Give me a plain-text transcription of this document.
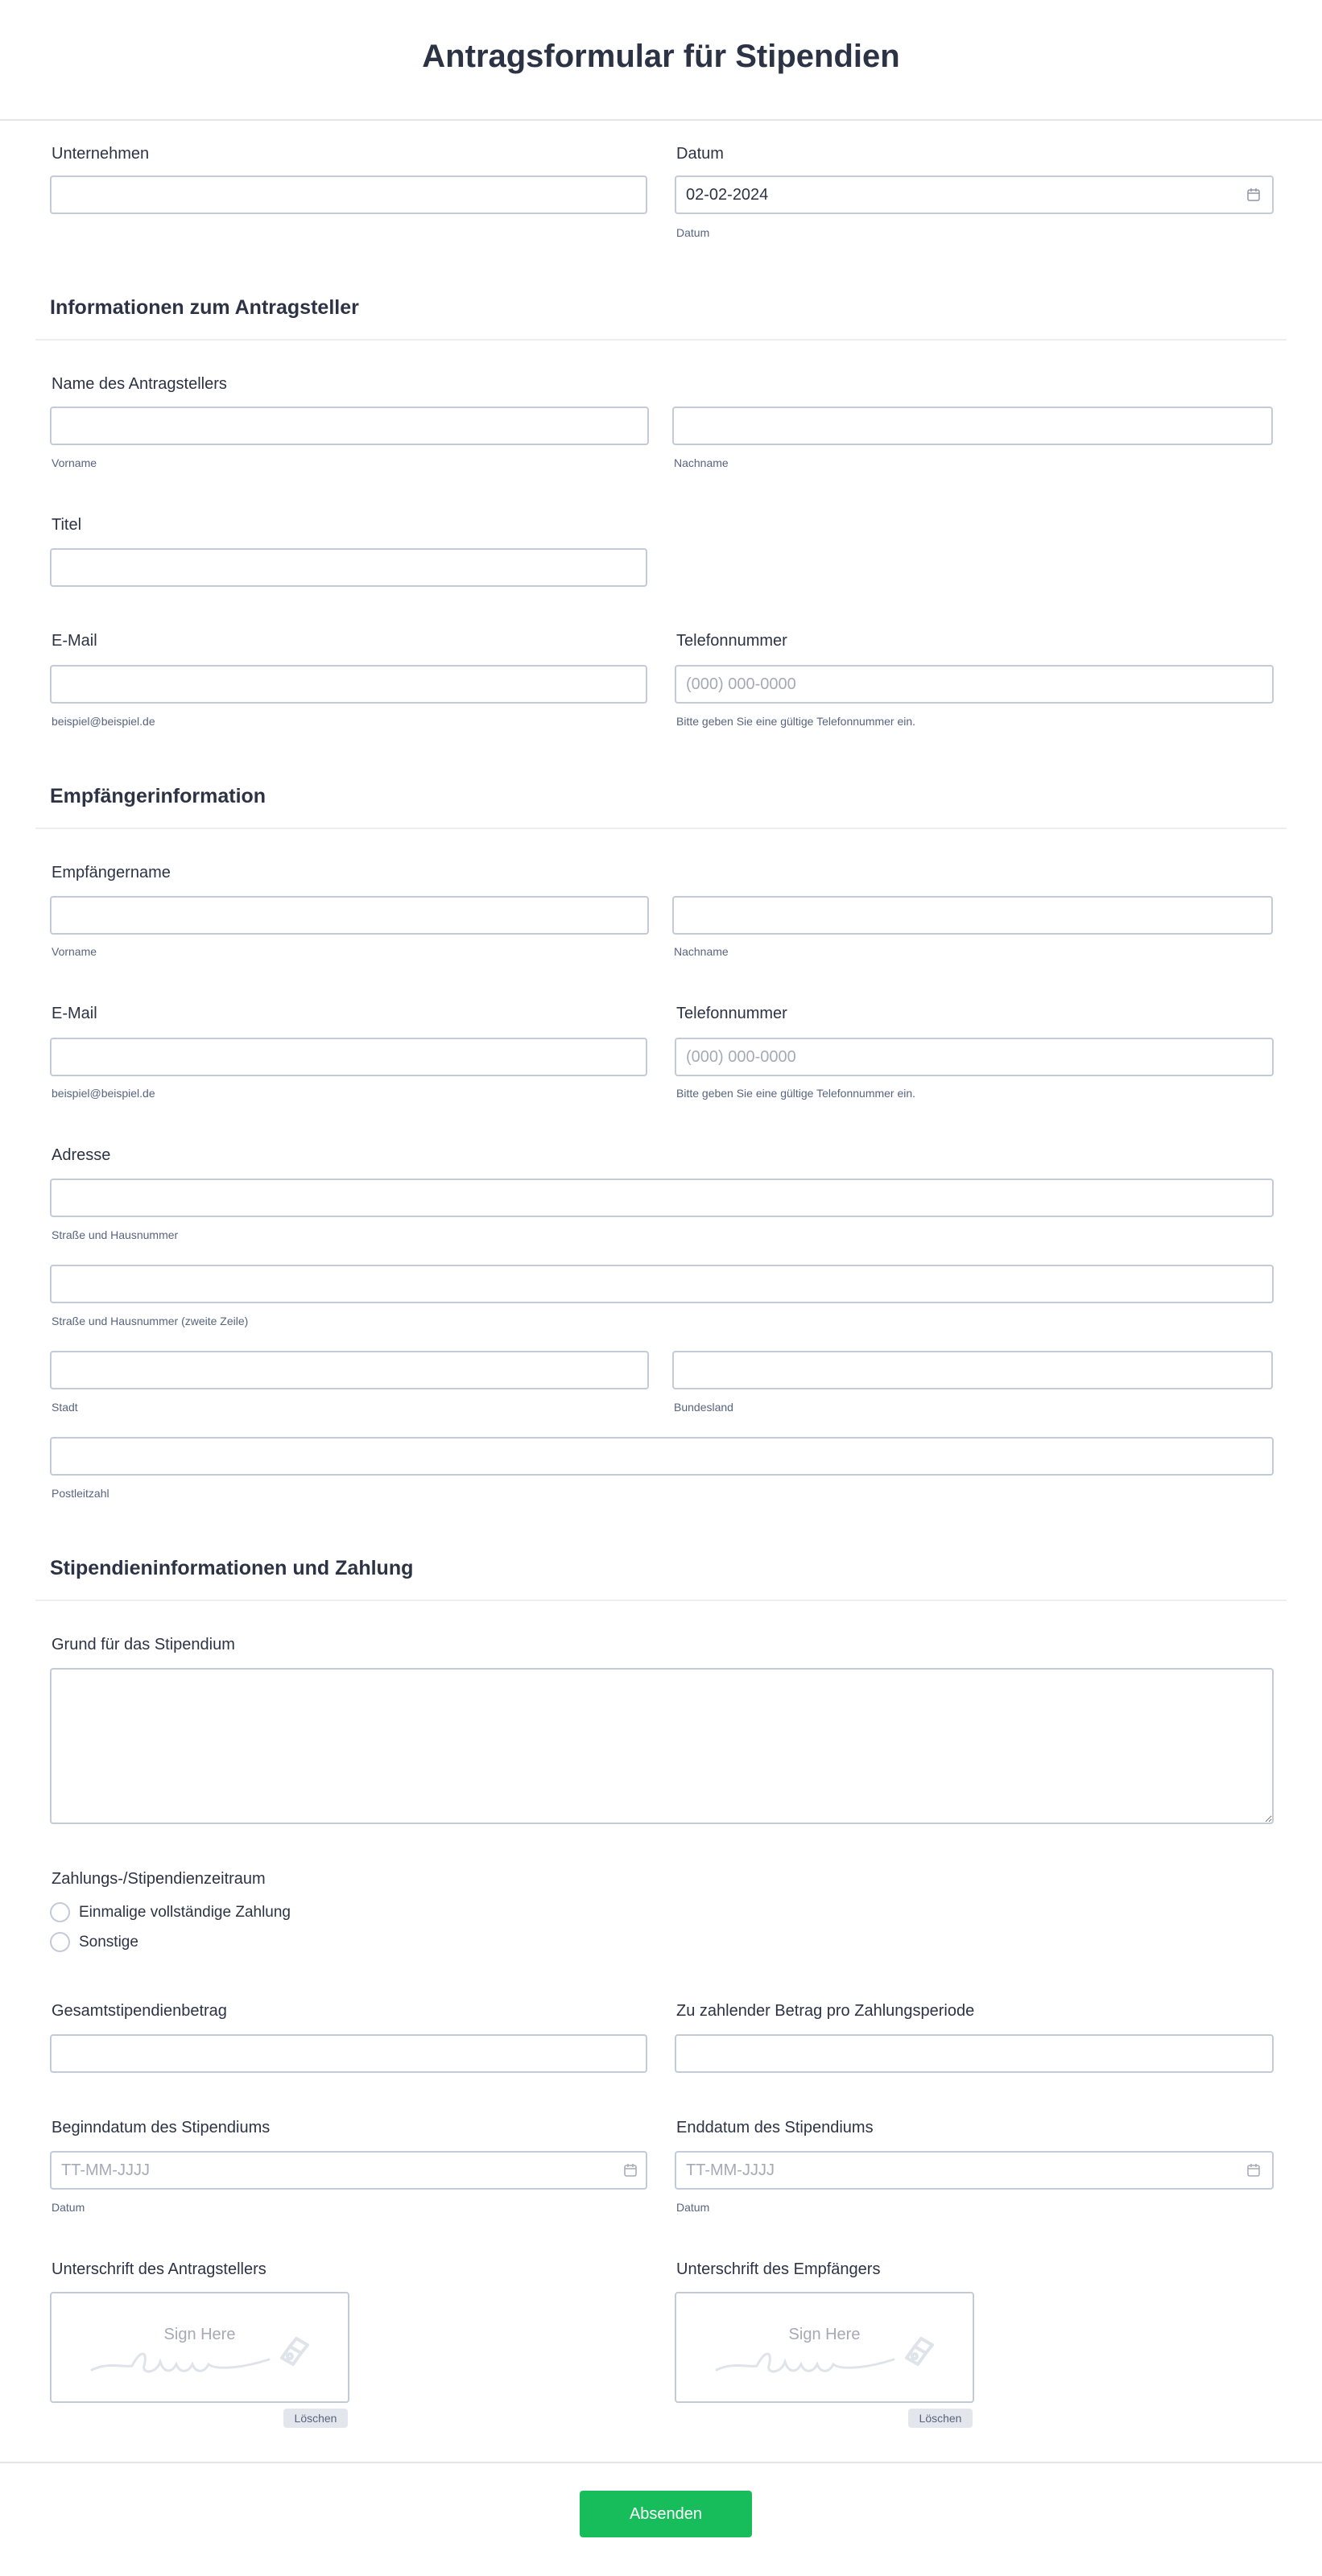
Antragsformular für Stipendien
Unternehmen	Datum
02-02-2024
Datum
Informationen zum Antragsteller
Name des Antragstellers
Vorname	Nachname
Titel
E-Mail
beispiel@beispiel.de
Telefonnummer
(000) 000-0000
Bitte geben Sie eine gültige Telefonnummer ein.
Empfängerinformation
Empfängername
Vorname	Nachname
E-Mail
beispiel@beispiel.de
Telefonnummer
(000) 000-0000
Bitte geben Sie eine gültige Telefonnummer ein.
Adresse
Straße und Hausnummer
Straße und Hausnummer (zweite Zeile)
Stadt	Bundesland
Postleitzahl
Stipendieninformationen und Zahlung
Grund für das Stipendium
Zahlungs-/Stipendienzeitraum
Einmalige vollständige Zahlung
Sonstige
Gesamtstipendienbetrag	Zu zahlender Betrag pro Zahlungsperiode
Beginndatum des Stipendiums
TT-MM-JJJJ
Datum
Enddatum des Stipendiums
TT-MM-JJJJ
Datum
Unterschrift des Antragstellers
Sign Here
Löschen
Unterschrift des Empfängers
Sign Here
Löschen
Absenden
